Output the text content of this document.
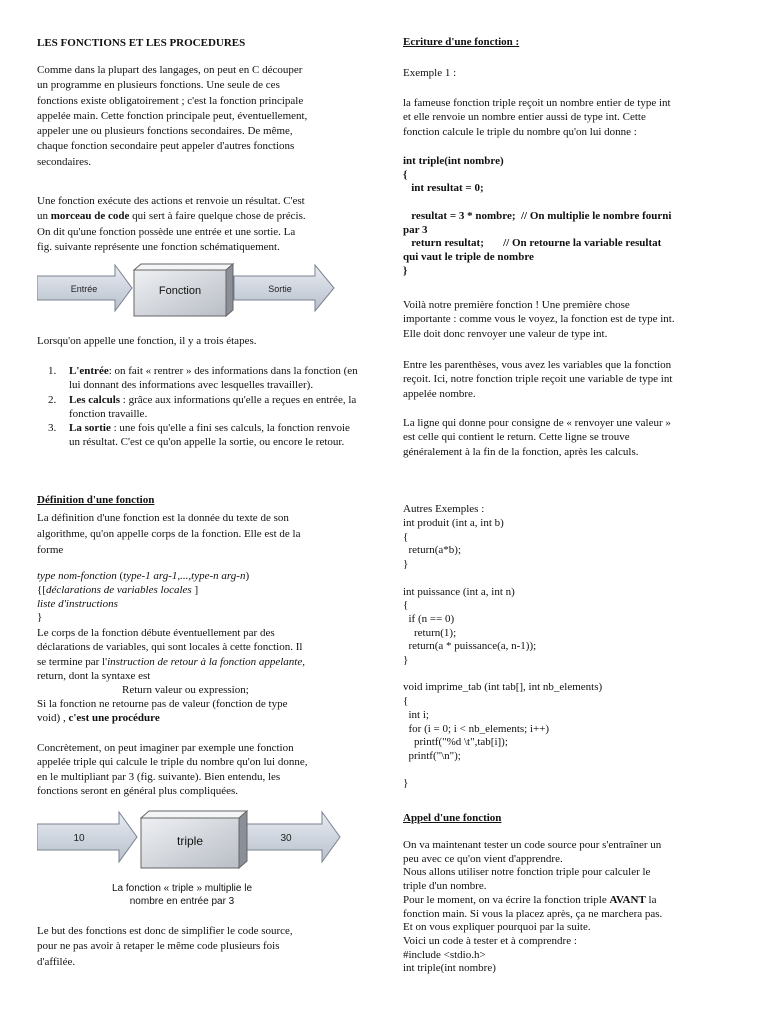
LES FONCTIONS ET LES PROCEDURES
Comme dans la plupart des langages, on peut en C découper
un programme en plusieurs fonctions. Une seule de ces
fonctions existe obligatoirement ; c'est la fonction principale
appelée main. Cette fonction principale peut, éventuellement,
appeler une ou plusieurs fonctions secondaires. De même,
chaque fonction secondaire peut appeler d'autres fonctions
secondaires.
Une fonction exécute des actions et renvoie un résultat. C'est
un morceau de code qui sert à faire quelque chose de précis.
On dit qu'une fonction possède une entrée et une sortie. La
fig. suivante représente une fonction schématiquement.
Entrée	Fonction	Sortie
Lorsqu'on appelle une fonction, il y a trois étapes.
1. L'entrée: on fait « rentrer » des informations dans la fonction (en lui donnant des informations avec lesquelles travailler).
2. Les calculs : grâce aux informations qu'elle a reçues en entrée, la fonction travaille.
3. La sortie : une fois qu'elle a fini ses calculs, la fonction renvoie un résultat. C'est ce qu'on appelle la sortie, ou encore le retour.
Définition d'une fonction
La définition d'une fonction est la donnée du texte de son
algorithme, qu'on appelle corps de la fonction. Elle est de la
forme
type nom-fonction (type-1 arg-1,...,type-n arg-n)
{[déclarations de variables locales ]
liste d'instructions
}
Le corps de la fonction débute éventuellement par des
déclarations de variables, qui sont locales à cette fonction. Il
se termine par l'instruction de retour à la fonction appelante,
return, dont la syntaxe est
Return valeur ou expression;
Si la fonction ne retourne pas de valeur (fonction de type
void) , c'est une procédure
Concrètement, on peut imaginer par exemple une fonction
appelée triple qui calcule le triple du nombre qu'on lui donne,
en le multipliant par 3 (fig. suivante). Bien entendu, les
fonctions seront en général plus compliquées.
10	triple	30
La fonction « triple » multiplie le
nombre en entrée par 3
Le but des fonctions est donc de simplifier le code source,
pour ne pas avoir à retaper le même code plusieurs fois
d'affilée.
Ecriture d'une fonction :
Exemple 1 :
la fameuse fonction triple reçoit un nombre entier de type int
et elle renvoie un nombre entier aussi de type int. Cette
fonction calcule le triple du nombre qu'on lui donne :
int triple(int nombre)
{
int resultat = 0;

resultat = 3 * nombre;  // On multiplie le nombre fourni
par 3
return resultat;       // On retourne la variable resultat
qui vaut le triple de nombre
}
Voilà notre première fonction ! Une première chose
importante : comme vous le voyez, la fonction est de type int.
Elle doit donc renvoyer une valeur de type int.
Entre les parenthèses, vous avez les variables que la fonction
reçoit. Ici, notre fonction triple reçoit une variable de type int
appelée nombre.
La ligne qui donne pour consigne de « renvoyer une valeur »
est celle qui contient le return. Cette ligne se trouve
généralement à la fin de la fonction, après les calculs.
Autres Exemples :
int produit (int a, int b)
{
return(a*b);
}

int puissance (int a, int n)
{
if (n == 0)
return(1);
return(a * puissance(a, n-1));
}

void imprime_tab (int tab[], int nb_elements)
{
int i;
for (i = 0; i < nb_elements; i++)
printf("%d \t",tab[i]);
printf("\n");

}
Appel d'une fonction
On va maintenant tester un code source pour s'entraîner un
peu avec ce qu'on vient d'apprendre.
Nous allons utiliser notre fonction triple pour calculer le
triple d'un nombre.
Pour le moment, on va écrire la fonction triple AVANT la
fonction main. Si vous la placez après, ça ne marchera pas.
Et on vous expliquer pourquoi par la suite.
Voici un code à tester et à comprendre :
#include <stdio.h>
int triple(int nombre)
